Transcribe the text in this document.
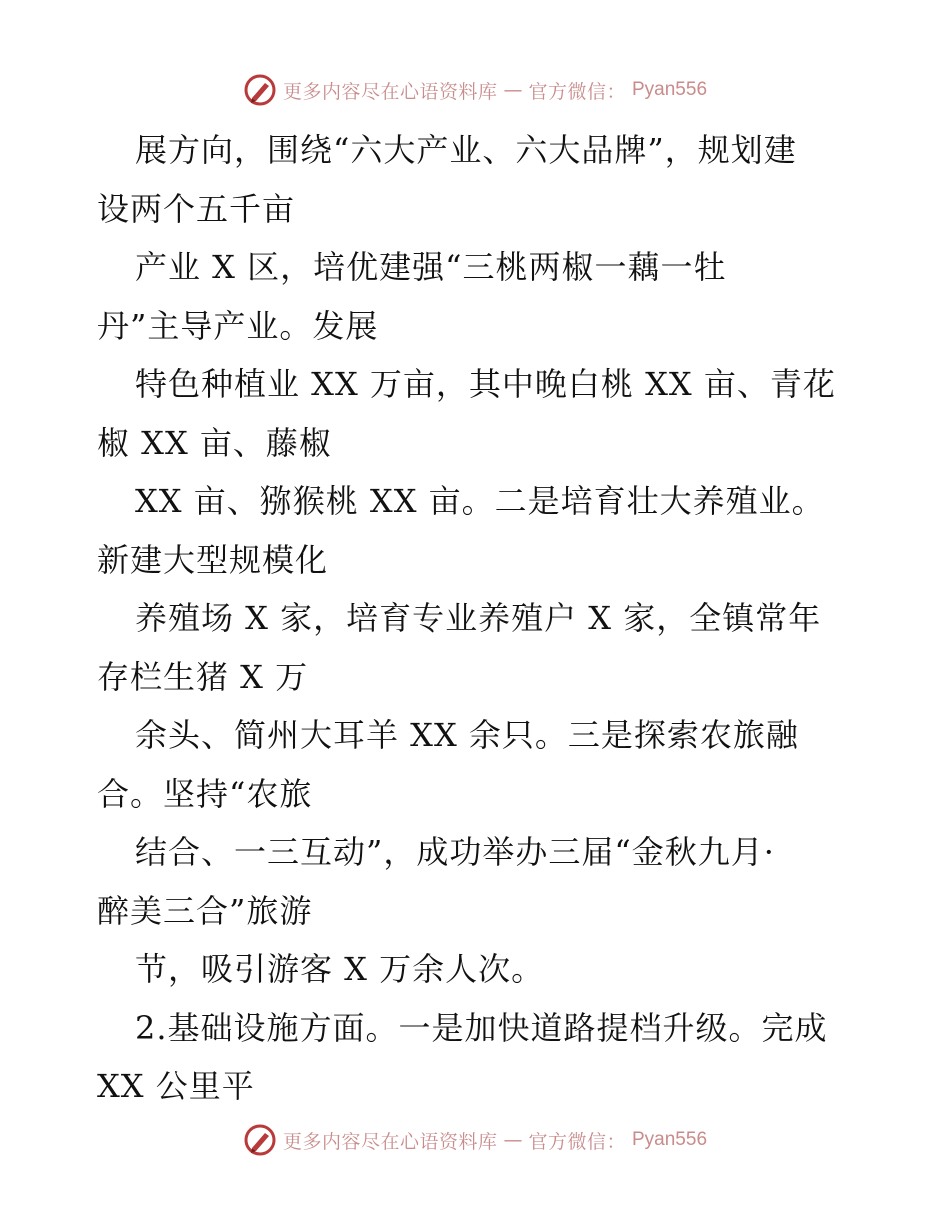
更多内容尽在心语资料库 — 官方微信： Pyan556
展方向，围绕“六大产业、六大品牌”，规划建
设两个五千亩
产业 X 区，培优建强“三桃两椒一藕一牡
丹”主导产业。发展
特色种植业 XX 万亩，其中晚白桃 XX 亩、青花
椒 XX 亩、藤椒
XX 亩、猕猴桃 XX 亩。二是培育壮大养殖业。
新建大型规模化
养殖场 X 家，培育专业养殖户 X 家，全镇常年
存栏生猪 X 万
余头、简州大耳羊 XX 余只。三是探索农旅融
合。坚持“农旅
结合、一三互动”，成功举办三届“金秋九月·
醉美三合”旅游
节，吸引游客 X 万余人次。
2.基础设施方面。一是加快道路提档升级。完成
XX 公里平
更多内容尽在心语资料库 — 官方微信： Pyan556
